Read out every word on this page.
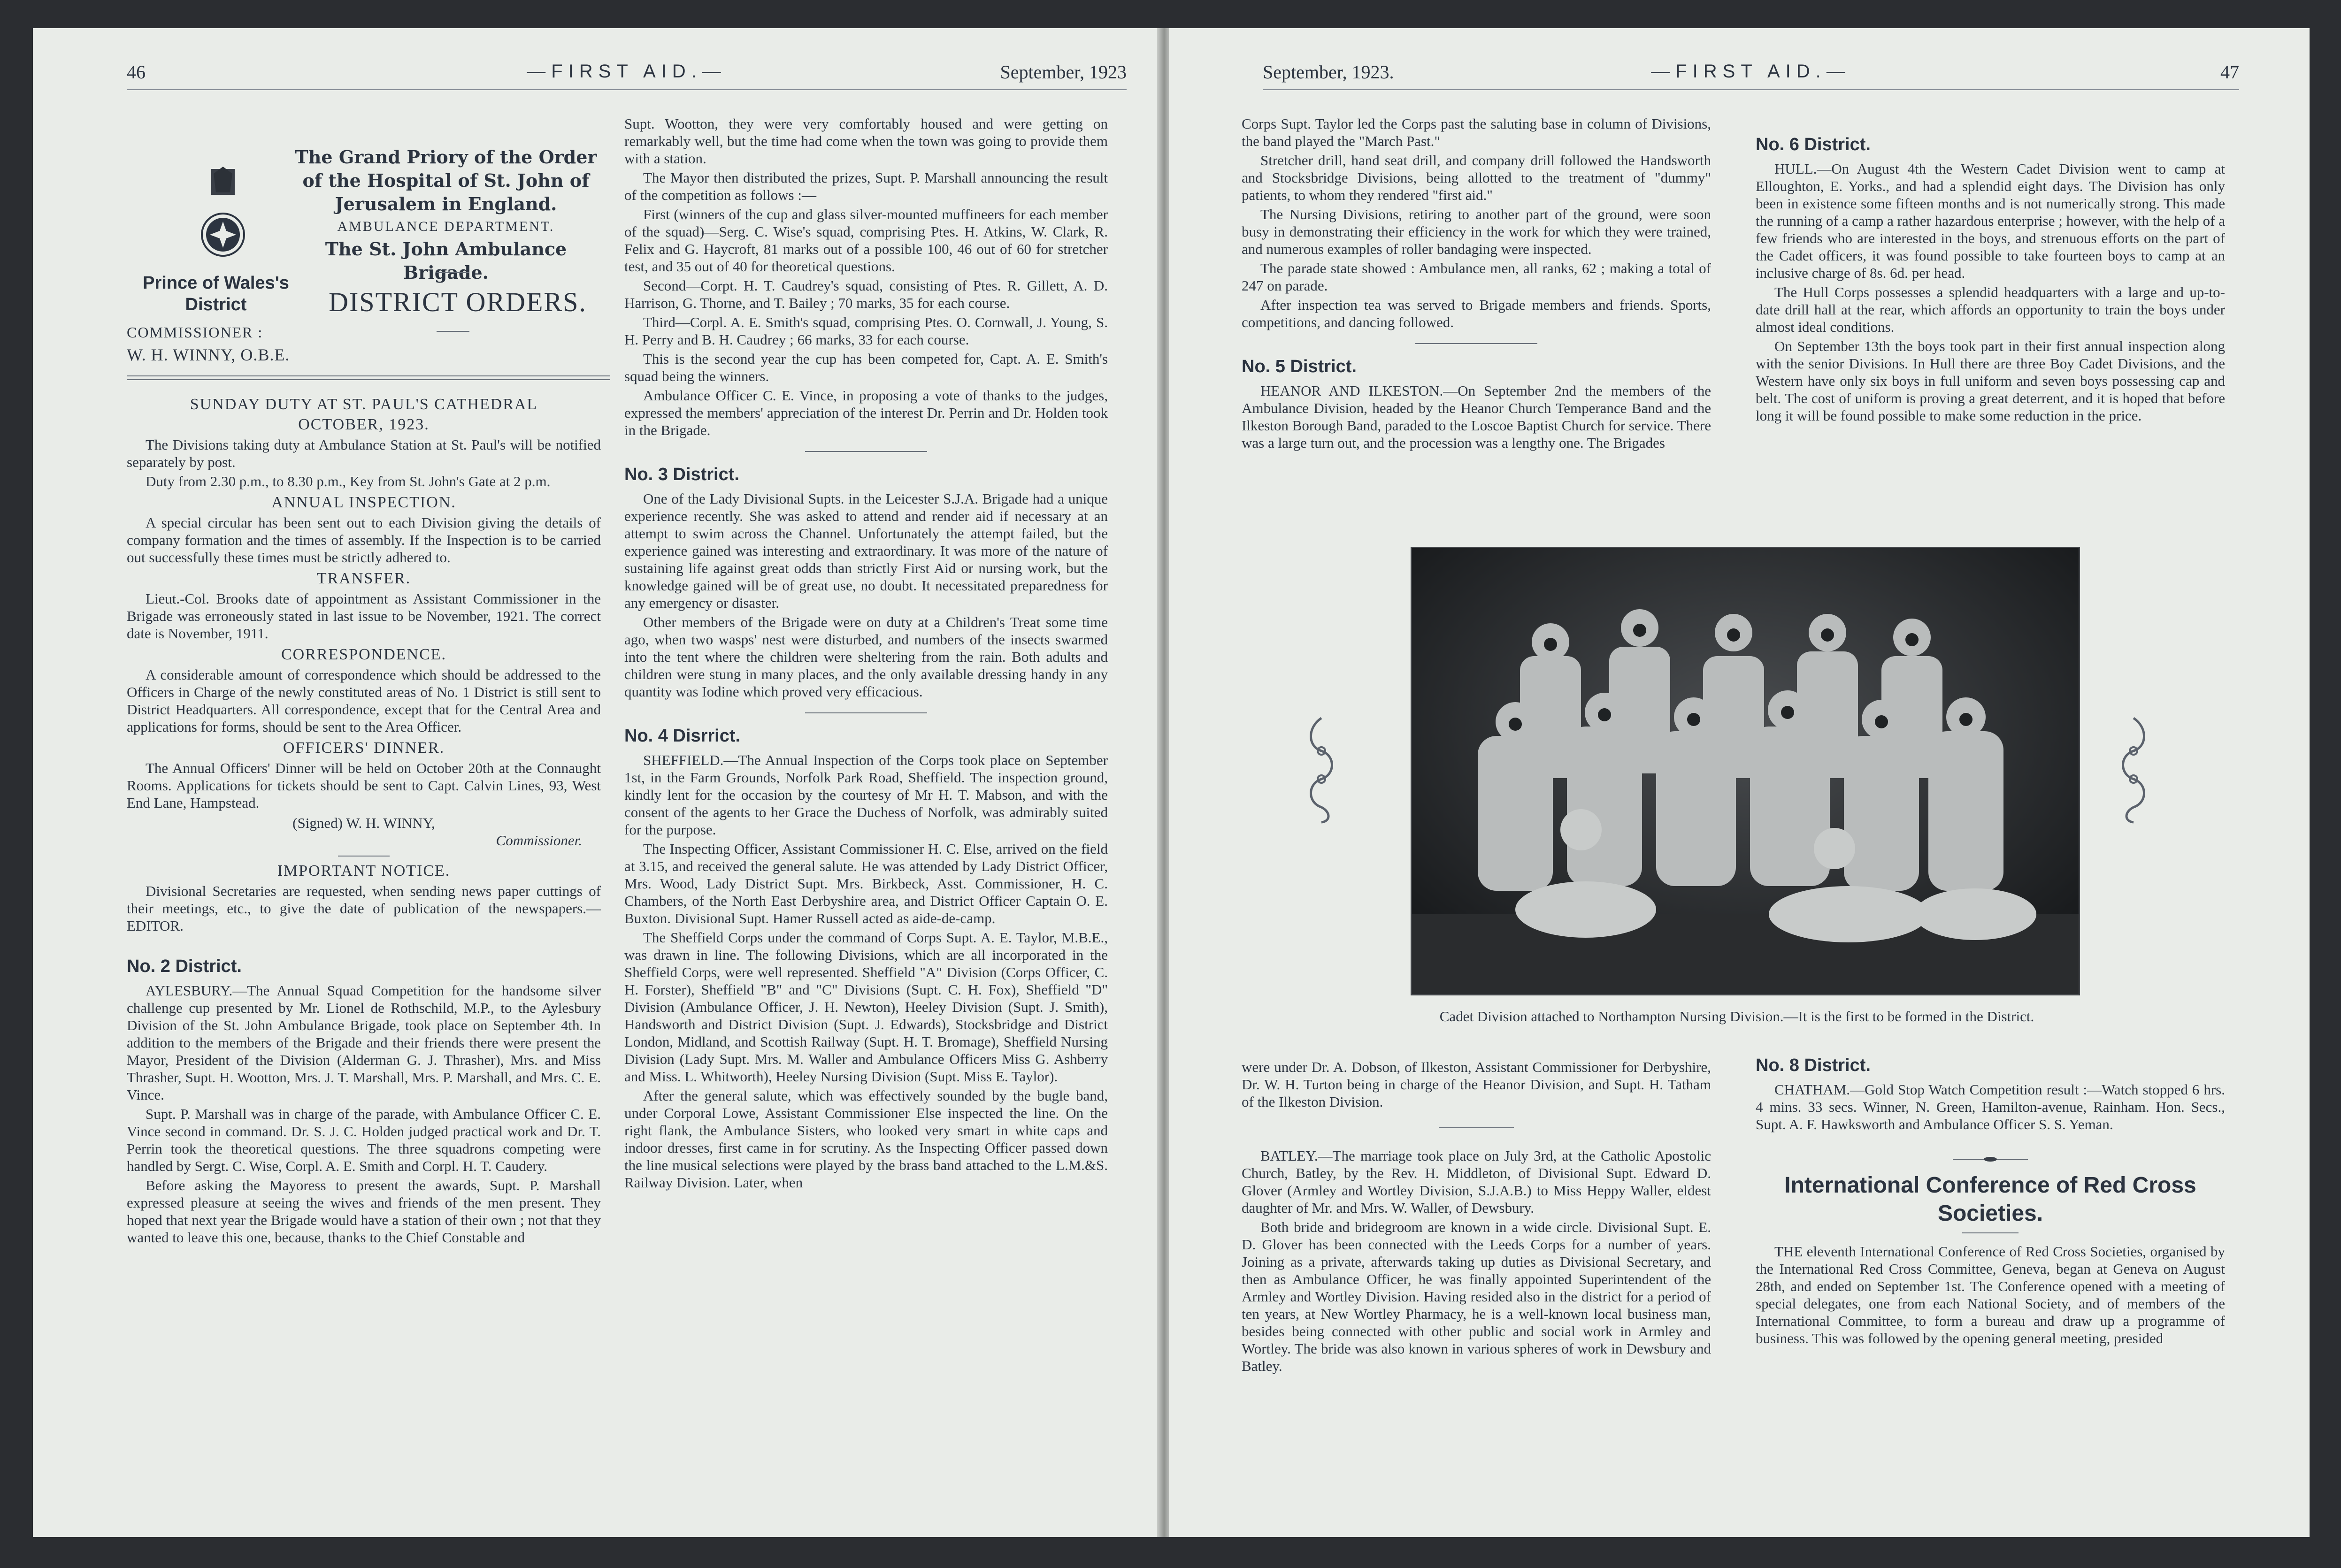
46	—FIRST AID.—	September, 1923
The Grand Priory of the Order
of the Hospital of St. John of
Jerusalem in England.
AMBULANCE DEPARTMENT.
The St. John Ambulance Brigade.
Prince of Wales's District
COMMISSIONER :
W. H. WINNY, O.B.E.
DISTRICT ORDERS.
SUNDAY DUTY AT ST. PAUL'S CATHEDRAL
OCTOBER, 1923.

The Divisions taking duty at Ambulance Station at St. Paul's will be notified separately by post.

Duty from 2.30 p.m., to 8.30 p.m., Key from St. John's Gate at 2 p.m.

ANNUAL INSPECTION.

A special circular has been sent out to each Division giving the details of company formation and the times of assembly. If the Inspection is to be carried out successfully these times must be strictly adhered to.

TRANSFER.

Lieut.-Col. Brooks date of appointment as Assistant Commissioner in the Brigade was erroneously stated in last issue to be November, 1921. The correct date is November, 1911.

CORRESPONDENCE.

A considerable amount of correspondence which should be addressed to the Officers in Charge of the newly constituted areas of No. 1 District is still sent to District Headquarters. All correspondence, except that for the Central Area and applications for forms, should be sent to the Area Officer.

OFFICERS' DINNER.

The Annual Officers' Dinner will be held on October 20th at the Connaught Rooms. Applications for tickets should be sent to Capt. Calvin Lines, 93, West End Lane, Hampstead.

(Signed) W. H. WINNY,
Commissioner.
IMPORTANT NOTICE.

Divisional Secretaries are requested, when sending news paper cuttings of their meetings, etc., to give the date of publication of the newspapers.—EDITOR.

No. 2 District.

AYLESBURY.—The Annual Squad Competition for the handsome silver challenge cup presented by Mr. Lionel de Rothschild, M.P., to the Aylesbury Division of the St. John Ambulance Brigade, took place on September 4th. In addition to the members of the Brigade and their friends there were present the Mayor, President of the Division (Alderman G. J. Thrasher), Mrs. and Miss Thrasher, Supt. H. Wootton, Mrs. J. T. Marshall, Mrs. P. Marshall, and Mrs. C. E. Vince.

Supt. P. Marshall was in charge of the parade, with Ambulance Officer C. E. Vince second in command. Dr. S. J. C. Holden judged practical work and Dr. T. Perrin took the theoretical questions. The three squadrons competing were handled by Sergt. C. Wise, Corpl. A. E. Smith and Corpl. H. T. Caudery.

Before asking the Mayoress to present the awards, Supt. P. Marshall expressed pleasure at seeing the wives and friends of the men present. They hoped that next year the Brigade would have a station of their own ; not that they wanted to leave this one, because, thanks to the Chief Constable and

Supt. Wootton, they were very comfortably housed and were getting on remarkably well, but the time had come when the town was going to provide them with a station.

The Mayor then distributed the prizes, Supt. P. Marshall announcing the result of the competition as follows :—

First (winners of the cup and glass silver-mounted muffineers for each member of the squad)—Serg. C. Wise's squad, comprising Ptes. H. Atkins, W. Clark, R. Felix and G. Haycroft, 81 marks out of a possible 100, 46 out of 60 for stretcher test, and 35 out of 40 for theoretical questions.

Second—Corpt. H. T. Caudrey's squad, consisting of Ptes. R. Gillett, A. D. Harrison, G. Thorne, and T. Bailey ; 70 marks, 35 for each course.

Third—Corpl. A. E. Smith's squad, comprising Ptes. O. Cornwall, J. Young, S. H. Perry and B. H. Caudrey ; 66 marks, 33 for each course.

This is the second year the cup has been competed for, Capt. A. E. Smith's squad being the winners.

Ambulance Officer C. E. Vince, in proposing a vote of thanks to the judges, expressed the members' appreciation of the interest Dr. Perrin and Dr. Holden took in the Brigade.

No. 3 District.

One of the Lady Divisional Supts. in the Leicester S.J.A. Brigade had a unique experience recently. She was asked to attend and render aid if necessary at an attempt to swim across the Channel. Unfortunately the attempt failed, but the experience gained was interesting and extraordinary. It was more of the nature of sustaining life against great odds than strictly First Aid or nursing work, but the knowledge gained will be of great use, no doubt. It necessitated preparedness for any emergency or disaster.

Other members of the Brigade were on duty at a Children's Treat some time ago, when two wasps' nest were disturbed, and numbers of the insects swarmed into the tent where the children were sheltering from the rain. Both adults and children were stung in many places, and the only available dressing handy in any quantity was Iodine which proved very efficacious.

No. 4 Disrrict.

SHEFFIELD.—The Annual Inspection of the Corps took place on September 1st, in the Farm Grounds, Norfolk Park Road, Sheffield. The inspection ground, kindly lent for the occasion by the courtesy of Mr H. T. Mabson, and with the consent of the agents to her Grace the Duchess of Norfolk, was admirably suited for the purpose.

The Inspecting Officer, Assistant Commissioner H. C. Else, arrived on the field at 3.15, and received the general salute. He was attended by Lady District Officer, Mrs. Wood, Lady District Supt. Mrs. Birkbeck, Asst. Commissioner, H. C. Chambers, of the North East Derbyshire area, and District Officer Captain O. E. Buxton. Divisional Supt. Hamer Russell acted as aide-de-camp.

The Sheffield Corps under the command of Corps Supt. A. E. Taylor, M.B.E., was drawn in line. The following Divisions, which are all incorporated in the Sheffield Corps, were well represented. Sheffield "A" Division (Corps Officer, C. H. Forster), Sheffield "B" and "C" Divisions (Supt. C. H. Fox), Sheffield "D" Division (Ambulance Officer, J. H. Newton), Heeley Division (Supt. J. Smith), Handsworth and District Division (Supt. J. Edwards), Stocksbridge and District London, Midland, and Scottish Railway (Supt. H. T. Bromage), Sheffield Nursing Division (Lady Supt. Mrs. M. Waller and Ambulance Officers Miss G. Ashberry and Miss. L. Whitworth), Heeley Nursing Division (Supt. Miss E. Taylor).

After the general salute, which was effectively sounded by the bugle band, under Corporal Lowe, Assistant Commissioner Else inspected the line. On the right flank, the Ambulance Sisters, who looked very smart in white caps and indoor dresses, first came in for scrutiny. As the Inspecting Officer passed down the line musical selections were played by the brass band attached to the L.M.&S. Railway Division. Later, when

September, 1923.	—FIRST AID.—	47

Corps Supt. Taylor led the Corps past the saluting base in column of Divisions, the band played the "March Past."

Stretcher drill, hand seat drill, and company drill followed the Handsworth and Stocksbridge Divisions, being allotted to the treatment of "dummy" patients, to whom they rendered "first aid."

The Nursing Divisions, retiring to another part of the ground, were soon busy in demonstrating their efficiency in the work for which they were trained, and numerous examples of roller bandaging were inspected.

The parade state showed : Ambulance men, all ranks, 62 ; making a total of 247 on parade.

After inspection tea was served to Brigade members and friends. Sports, competitions, and dancing followed.

No. 5 District.

HEANOR AND ILKESTON.—On September 2nd the members of the Ambulance Division, headed by the Heanor Church Temperance Band and the Ilkeston Borough Band, paraded to the Loscoe Baptist Church for service. There was a large turn out, and the procession was a lengthy one. The Brigades

No. 6 District.

HULL.—On August 4th the Western Cadet Division went to camp at Elloughton, E. Yorks., and had a splendid eight days. The Division has only been in existence some fifteen months and is not numerically strong. This made the running of a camp a rather hazardous enterprise ; however, with the help of a few friends who are interested in the boys, and strenuous efforts on the part of the Cadet officers, it was found possible to take fourteen boys to camp at an inclusive charge of 8s. 6d. per head.

The Hull Corps possesses a splendid headquarters with a large and up-to-date drill hall at the rear, which affords an opportunity to train the boys under almost ideal conditions.

On September 13th the boys took part in their first annual inspection along with the senior Divisions. In Hull there are three Boy Cadet Divisions, and the Western have only six boys in full uniform and seven boys possessing cap and belt. The cost of uniform is proving a great deterrent, and it is hoped that before long it will be found possible to make some reduction in the price.

Cadet Division attached to Northampton Nursing Division.—It is the first to be formed in the District.

were under Dr. A. Dobson, of Ilkeston, Assistant Commissioner for Derbyshire, Dr. W. H. Turton being in charge of the Heanor Division, and Supt. H. Tatham of the Ilkeston Division.

BATLEY.—The marriage took place on July 3rd, at the Catholic Apostolic Church, Batley, by the Rev. H. Middleton, of Divisional Supt. Edward D. Glover (Armley and Wortley Division, S.J.A.B.) to Miss Heppy Waller, eldest daughter of Mr. and Mrs. W. Waller, of Dewsbury.

Both bride and bridegroom are known in a wide circle. Divisional Supt. E. D. Glover has been connected with the Leeds Corps for a number of years. Joining as a private, afterwards taking up duties as Divisional Secretary, and then as Ambulance Officer, he was finally appointed Superintendent of the Armley and Wortley Division. Having resided also in the district for a period of ten years, at New Wortley Pharmacy, he is a well-known local business man, besides being connected with other public and social work in Armley and Wortley. The bride was also known in various spheres of work in Dewsbury and Batley.

No. 8 District.

CHATHAM.—Gold Stop Watch Competition result :—Watch stopped 6 hrs. 4 mins. 33 secs. Winner, N. Green, Hamilton-avenue, Rainham. Hon. Secs., Supt. A. F. Hawksworth and Ambulance Officer S. S. Yeman.

International Conference of Red Cross Societies.

THE eleventh International Conference of Red Cross Societies, organised by the International Red Cross Committee, Geneva, began at Geneva on August 28th, and ended on September 1st. The Conference opened with a meeting of special delegates, one from each National Society, and of members of the International Committee, to form a bureau and draw up a programme of business. This was followed by the opening general meeting, presided
